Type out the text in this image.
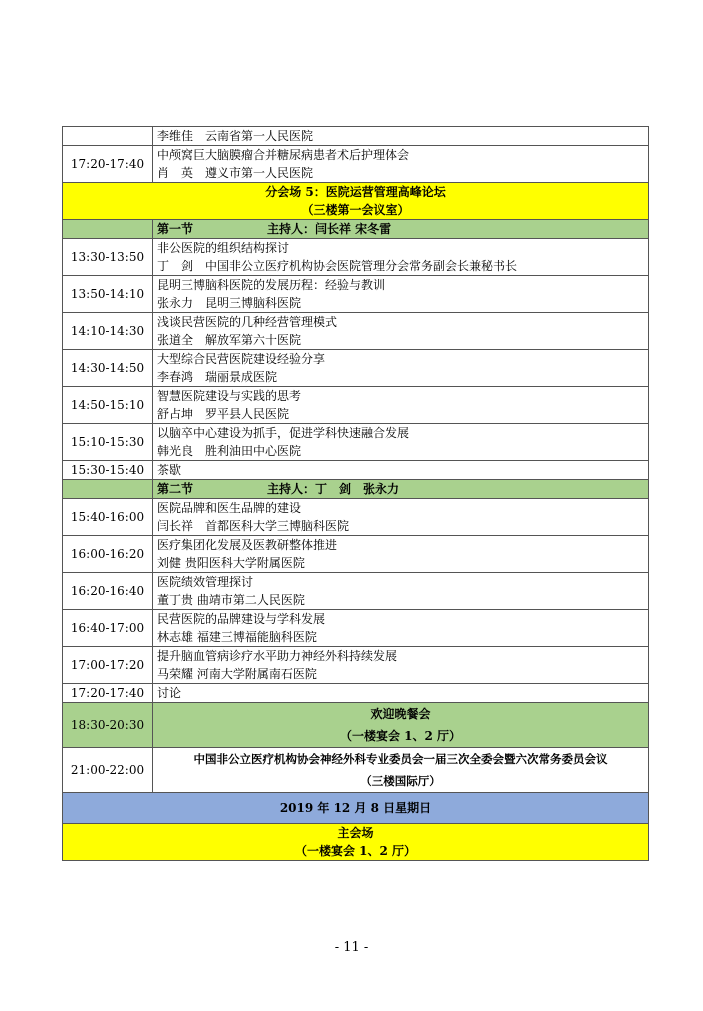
	李维佳　云南省第一人民医院

17:20-17:40	中颅窝巨大脑膜瘤合并糖尿病患者术后护理体会
肖　英　遵义市第一人民医院

分会场 5：医院运营管理高峰论坛
（三楼第一会议室）	

	第一节 主持人：闫长祥 宋冬雷
13:30-13:50	非公医院的组织结构探讨
丁　剑　中国非公立医疗机构协会医院管理分会常务副会长兼秘书长

13:50-14:10	昆明三博脑科医院的发展历程：经验与教训
张永力　昆明三博脑科医院

14:10-14:30	浅谈民营医院的几种经营管理模式
张道全　解放军第六十医院

14:30-14:50	大型综合民营医院建设经验分享
李春鸿　瑞丽景成医院

14:50-15:10	智慧医院建设与实践的思考
舒占坤　罗平县人民医院

15:10-15:30	以脑卒中心建设为抓手，促进学科快速融合发展
韩光良　胜利油田中心医院

15:30-15:40	茶歇

	第二节 主持人：丁　剑　张永力
15:40-16:00	医院品牌和医生品牌的建设
闫长祥　首都医科大学三博脑科医院

16:00-16:20	医疗集团化发展及医教研整体推进
刘健 贵阳医科大学附属医院

16:20-16:40	医院绩效管理探讨
董丁贵 曲靖市第二人民医院

16:40-17:00	民营医院的品牌建设与学科发展
林志雄 福建三博福能脑科医院

17:00-17:20	提升脑血管病诊疗水平助力神经外科持续发展
马荣耀 河南大学附属南石医院

17:20-17:40	讨论

18:30-20:30	欢迎晚餐会
（一楼宴会 1、2 厅）

21:00-22:00	中国非公立医疗机构协会神经外科专业委员会一届三次全委会暨六次常务委员会议
（三楼国际厅）

2019 年 12 月 8 日星期日	

主会场
（一楼宴会 1、2 厅）	
- 11 -
